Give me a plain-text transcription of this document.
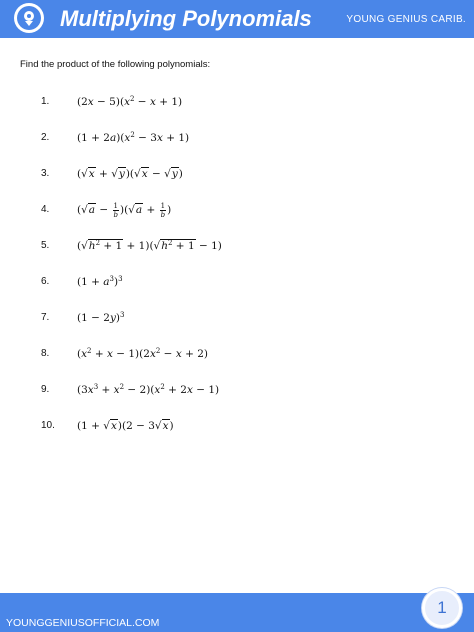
Multiplying Polynomials	YOUNG GENIUS CARIB.
Find the product of the following polynomials:
1.	$(2x - 5)(x^2 - x + 1)$
2.	$(1 + 2a)(x^2 - 3x + 1)$
3.	(√x + √y)(√x − √y)
4.	$(√a - \frac{1}{b} )(√a + \frac{1}{b}$ )
5.	$(√h^2 + 1 + 1)(√h^2 + 1 - 1)$
6.	$(1 + a^3)^3$
7.	$(1 - 2y)^3$
8.	$(x^2 + x - 1)(2x^2 - x + 2)$
9.	$(3x^3 + x^2 - 2)(x^2 + 2x - 1)$
10.	(1 + √x)(2 − 3√x)
YOUNGGENIUSOFFICIAL.COM
1
